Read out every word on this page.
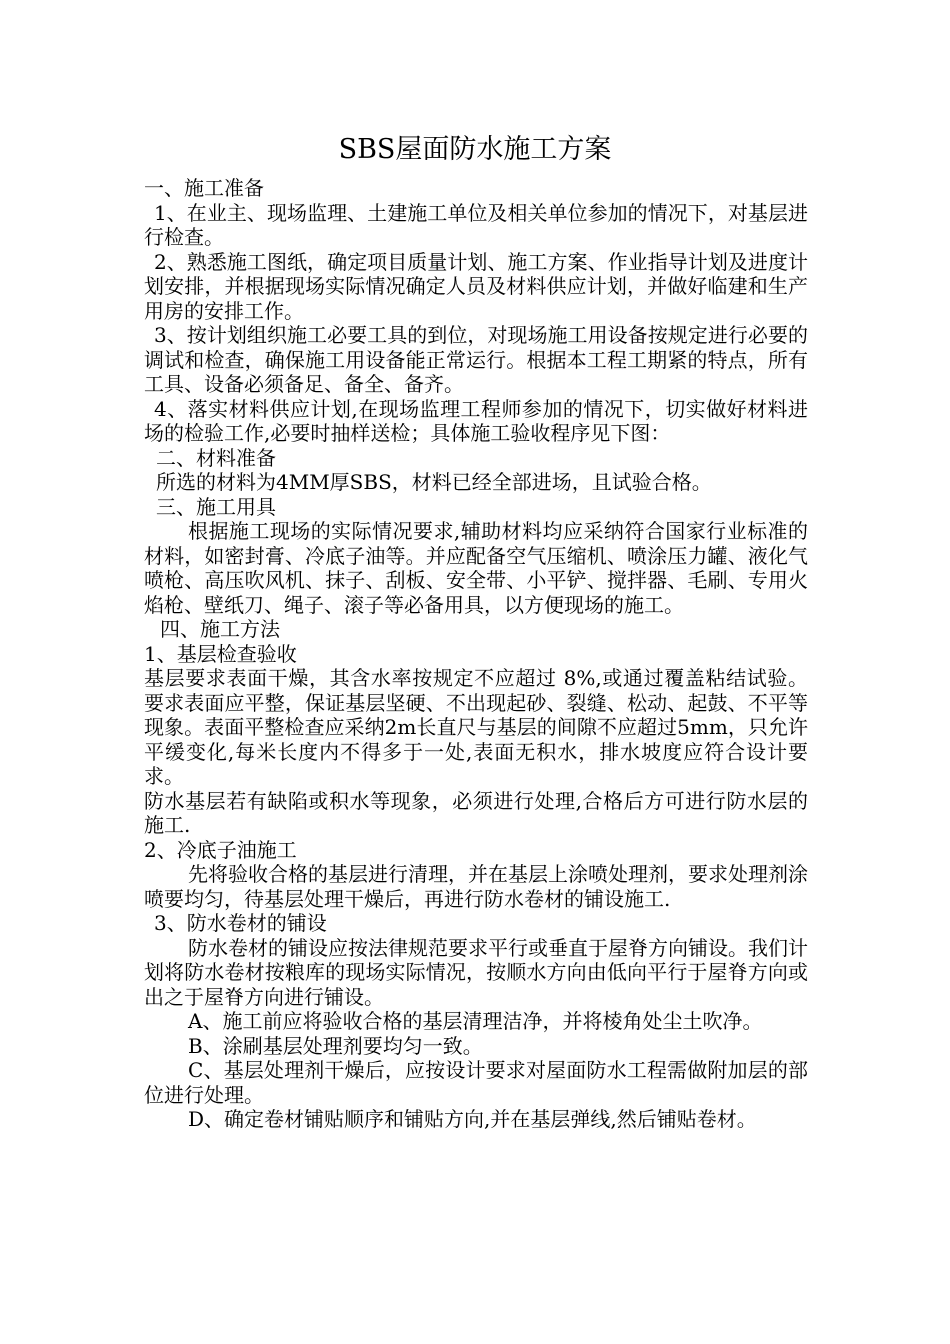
SBS屋面防水施工方案

一、施工准备

1、在业主、现场监理、土建施工单位及相关单位参加的情况下，对基层进行检查。

2、熟悉施工图纸，确定项目质量计划、施工方案、作业指导计划及进度计划安排，并根据现场实际情况确定人员及材料供应计划，并做好临建和生产用房的安排工作。

3、按计划组织施工必要工具的到位，对现场施工用设备按规定进行必要的调试和检查，确保施工用设备能正常运行。根据本工程工期紧的特点，所有工具、设备必须备足、备全、备齐。

4、落实材料供应计划,在现场监理工程师参加的情况下，切实做好材料进场的检验工作,必要时抽样送检；具体施工验收程序见下图：

二、材料准备

所选的材料为4MM厚SBS，材料已经全部进场，且试验合格。

三、施工用具

根据施工现场的实际情况要求,辅助材料均应采纳符合国家行业标准的材料，如密封膏、冷底子油等。并应配备空气压缩机、喷涂压力罐、液化气喷枪、高压吹风机、抹子、刮板、安全带、小平铲、搅拌器、毛刷、专用火焰枪、壁纸刀、绳子、滚子等必备用具，以方便现场的施工。

四、施工方法

1、基层检查验收

基层要求表面干燥，其含水率按规定不应超过 8%,或通过覆盖粘结试验。要求表面应平整，保证基层坚硬、不出现起砂、裂缝、松动、起鼓、不平等现象。表面平整检查应采纳2m长直尺与基层的间隙不应超过5mm，只允许平缓变化,每米长度内不得多于一处,表面无积水，排水坡度应符合设计要求。

防水基层若有缺陷或积水等现象，必须进行处理,合格后方可进行防水层的施工.

2、冷底子油施工

先将验收合格的基层进行清理，并在基层上涂喷处理剂，要求处理剂涂喷要均匀，待基层处理干燥后，再进行防水卷材的铺设施工.

3、防水卷材的铺设

防水卷材的铺设应按法律规范要求平行或垂直于屋脊方向铺设。我们计划将防水卷材按粮库的现场实际情况，按顺水方向由低向平行于屋脊方向或出之于屋脊方向进行铺设。

A、施工前应将验收合格的基层清理洁净，并将棱角处尘土吹净。

B、涂刷基层处理剂要均匀一致。

C、基层处理剂干燥后，应按设计要求对屋面防水工程需做附加层的部位进行处理。

D、确定卷材铺贴顺序和铺贴方向,并在基层弹线,然后铺贴卷材。
